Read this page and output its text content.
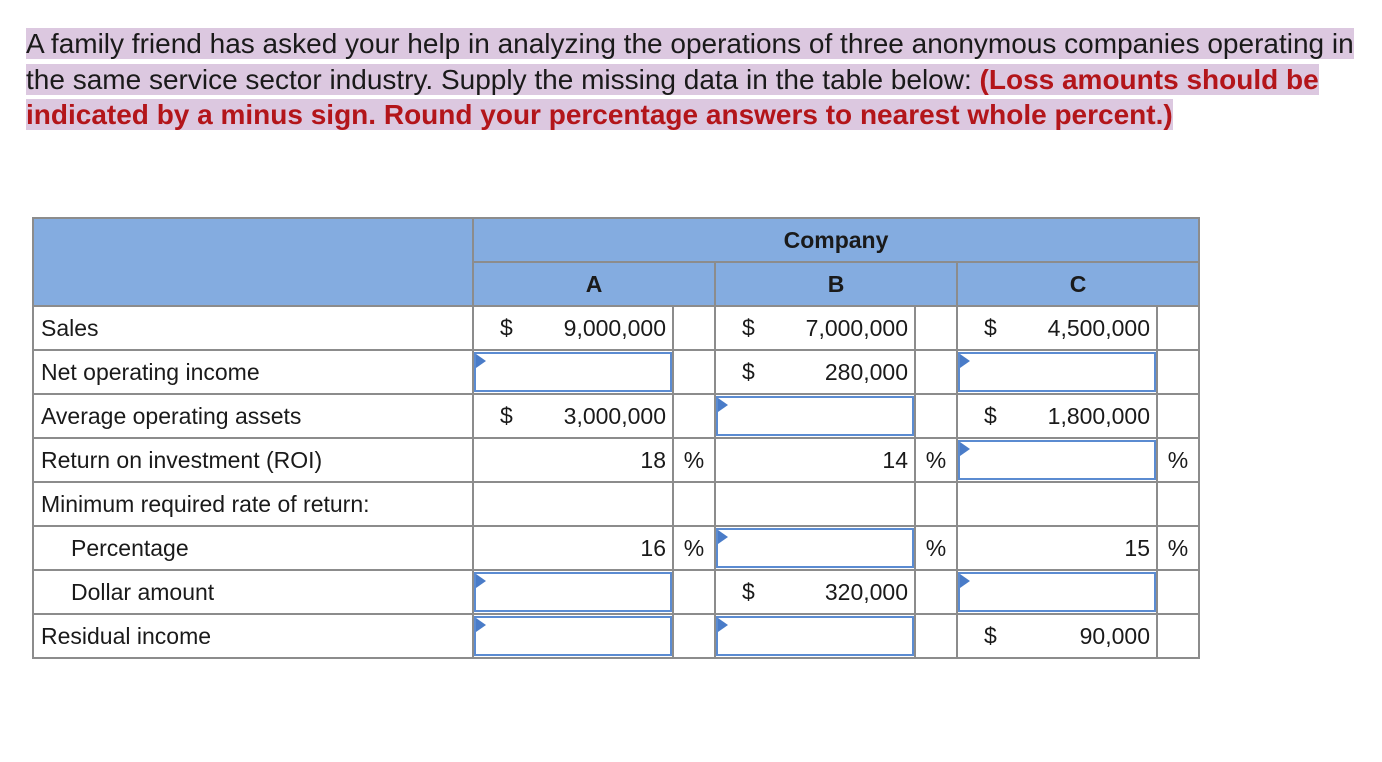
A family friend has asked your help in analyzing the operations of three anonymous companies operating in the same service sector industry. Supply the missing data in the table below: (Loss amounts should be indicated by a minus sign. Round your percentage answers to nearest whole percent.)
	Company					
	A		B		C	
Sales	$ 9,000,000		$ 7,000,000		$ 4,500,000	
Net operating income			$ 280,000		

Average operating assets	$ 3,000,000				$ 1,800,000	
Return on investment (ROI)	18	%	14	%		%
Minimum required rate of return:						
Percentage	16	%		%	15	%
Dollar amount			$ 320,000		

Residual income					$ 90,000	
